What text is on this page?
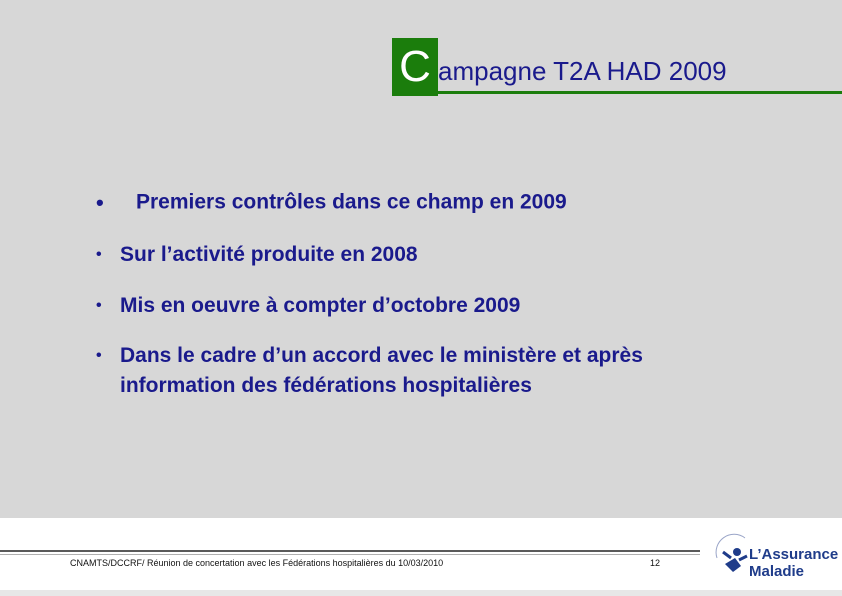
C ampagne T2A HAD 2009
• Premiers contrôles dans ce champ en 2009
• Sur l’activité produite en 2008
• Mis en oeuvre à compter d’octobre 2009
• Dans le cadre d’un accord avec le ministère et après
information des fédérations hospitalières
CNAMTS/DCCRF/ Réunion de concertation avec les Fédérations hospitalières du 10/03/2010	12	L’Assurance
Maladie
